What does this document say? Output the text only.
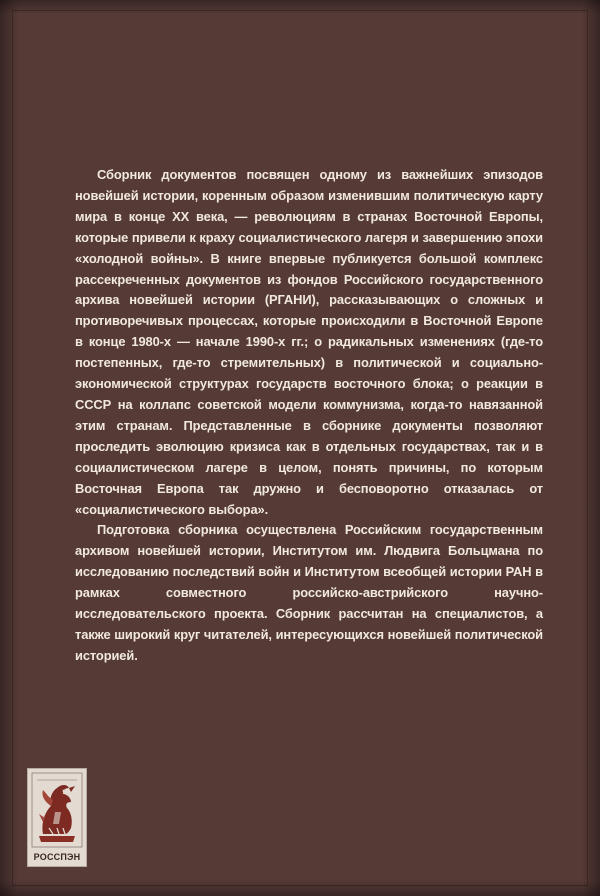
Сборник документов посвящен одному из важнейших эпизодов новейшей истории, коренным образом изменившим политическую карту мира в конце XX века, — революциям в странах Восточной Европы, которые привели к краху социалистического лагеря и завершению эпохи «холодной войны». В книге впервые публикуется большой комплекс рассекреченных документов из фондов Российского государственного архива новейшей истории (РГАНИ), рассказывающих о сложных и противоречивых процессах, которые происходили в Восточной Европе в конце 1980-х — начале 1990-х гг.; о радикальных изменениях (где-то постепенных, где-то стремительных) в политической и социально-экономической структурах государств восточного блока; о реакции в СССР на коллапс советской модели коммунизма, когда-то навязанной этим странам. Представленные в сборнике документы позволяют проследить эволюцию кризиса как в отдельных государствах, так и в социалистическом лагере в целом, понять причины, по которым Восточная Европа так дружно и бесповоротно отказалась от «социалистического выбора».

Подготовка сборника осуществлена Российским государственным архивом новейшей истории, Институтом им. Людвига Больцмана по исследованию последствий войн и Институтом всеобщей истории РАН в рамках совместного российско-австрийского научно-исследовательского проекта. Сборник рассчитан на специалистов, а также широкий круг читателей, интересующихся новейшей политической историей.

РОССПЭН
